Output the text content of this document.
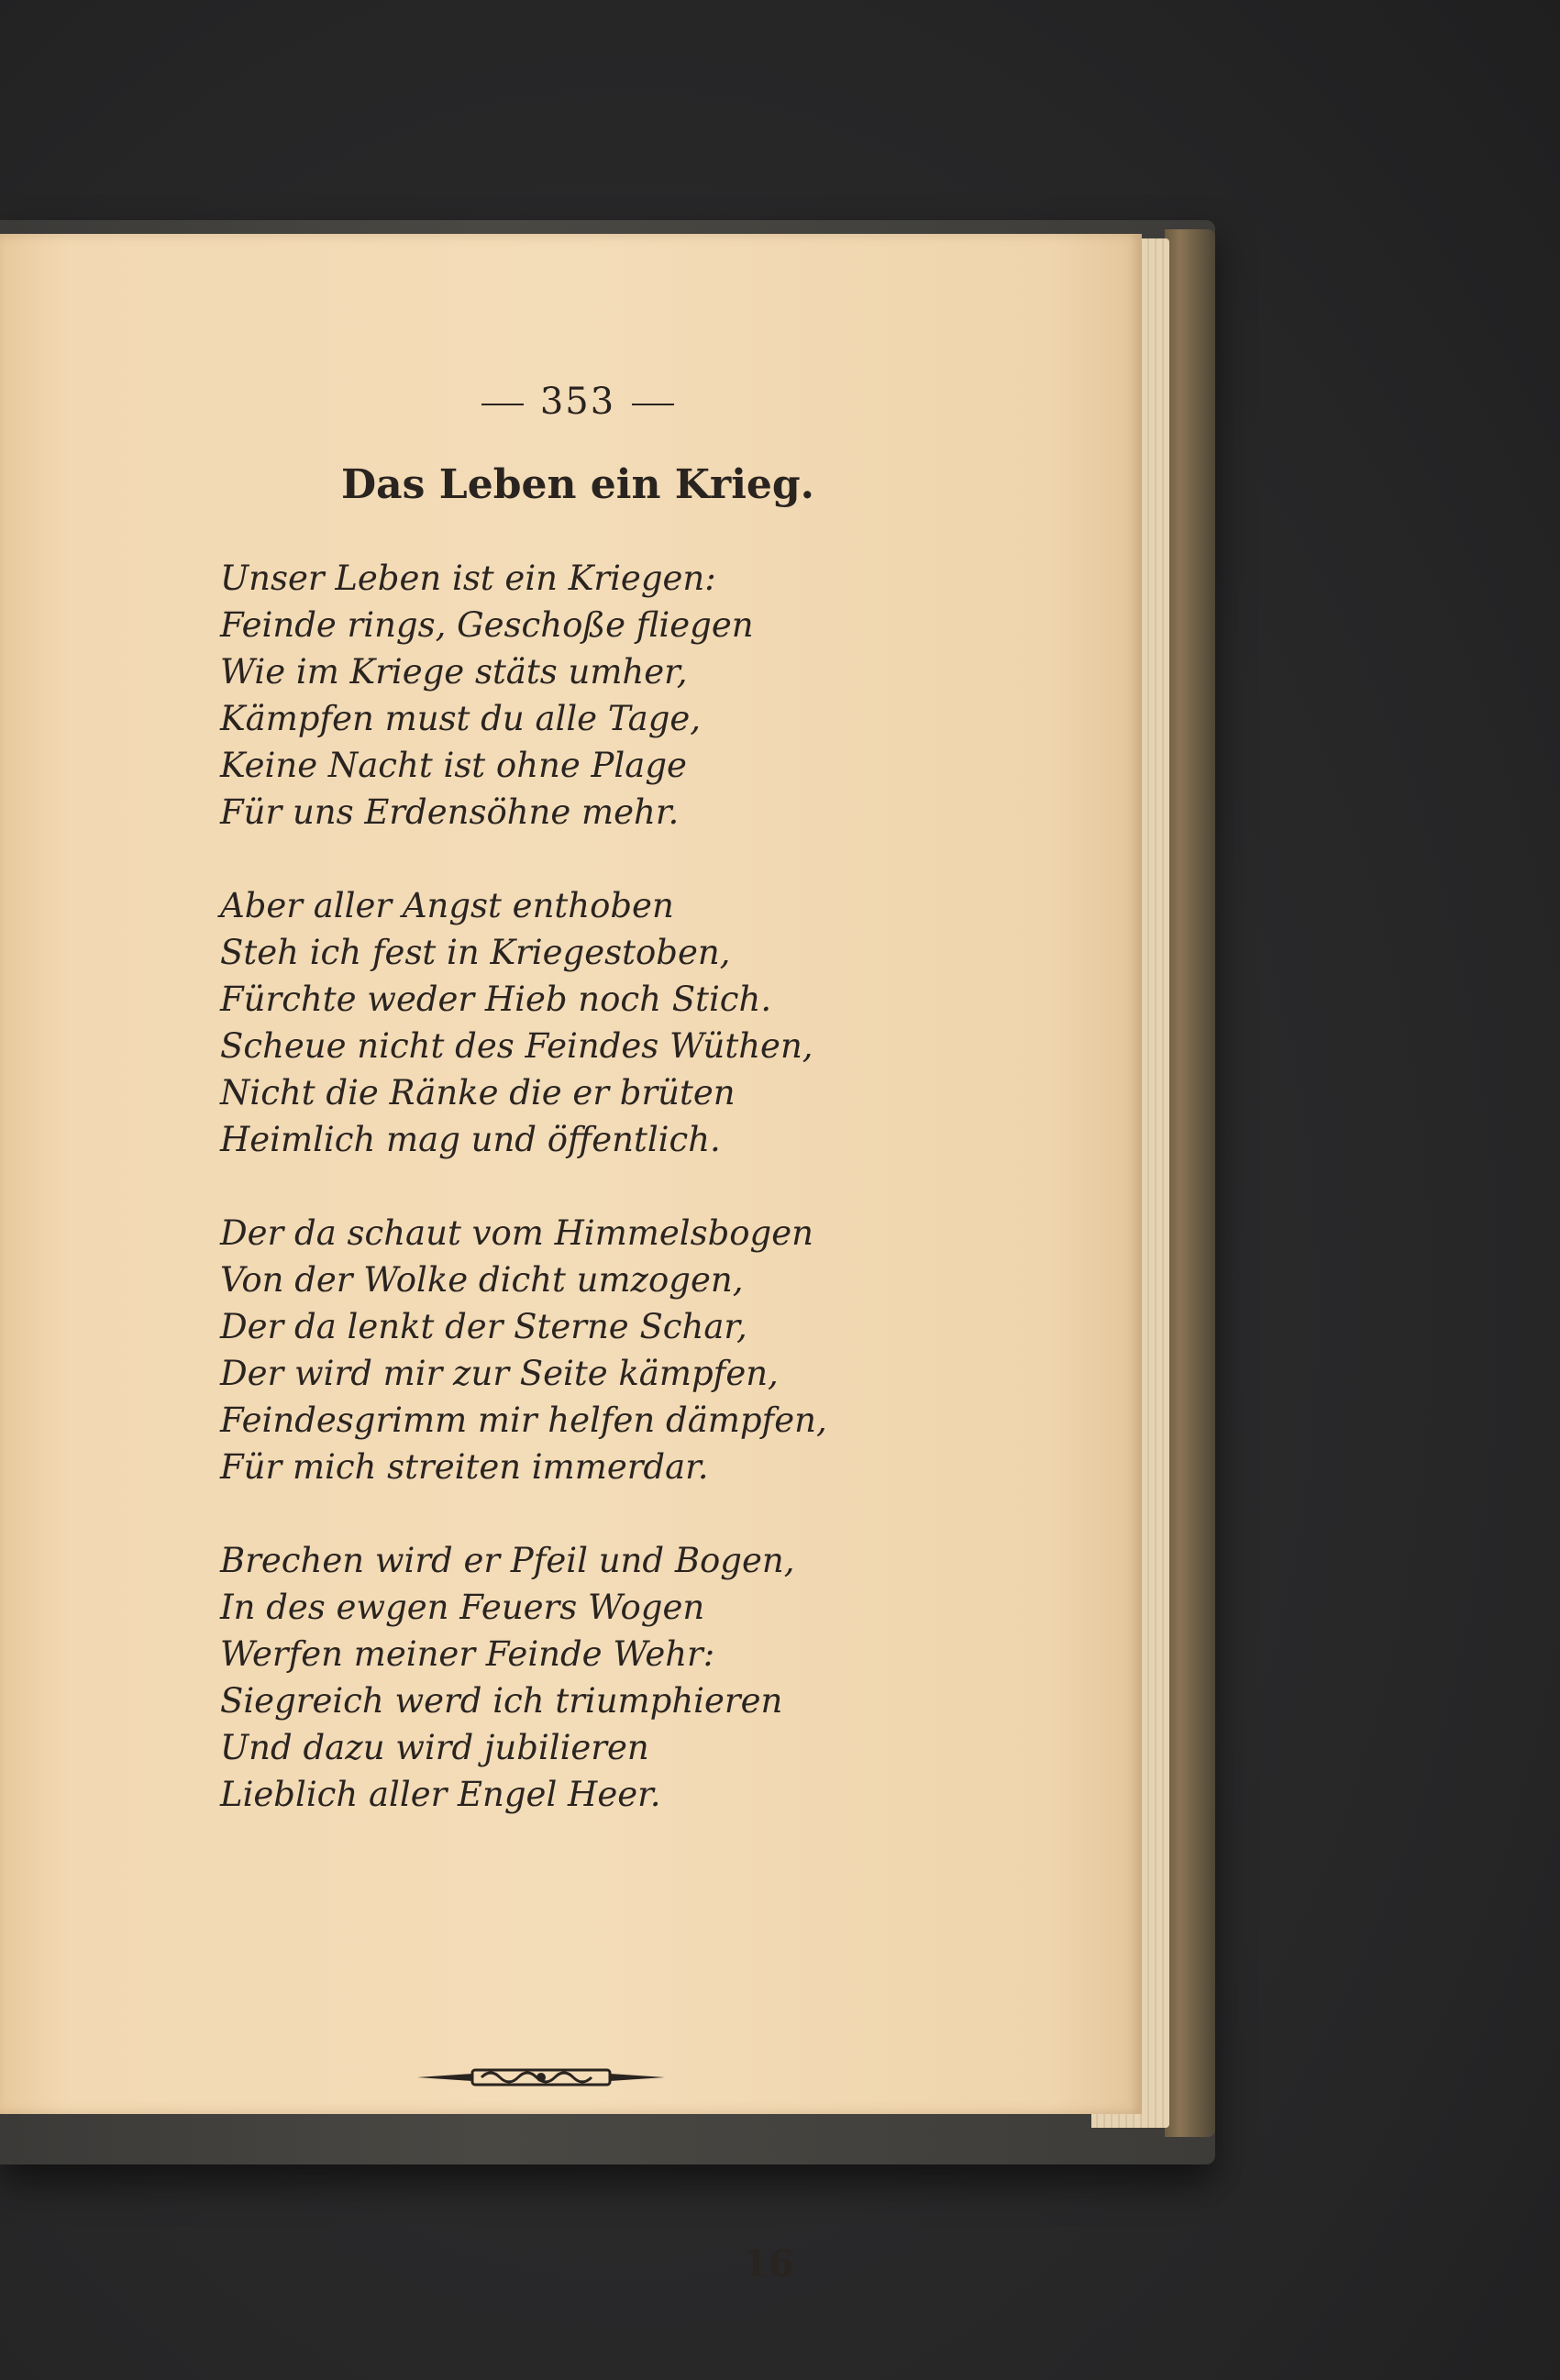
353
Das Leben ein Krieg.
Unser Leben ist ein Kriegen:
Feinde rings, Geschoße fliegen
Wie im Kriege stäts umher,
Kämpfen must du alle Tage,
Keine Nacht ist ohne Plage
Für uns Erdensöhne mehr.
Aber aller Angst enthoben
Steh ich fest in Kriegestoben,
Fürchte weder Hieb noch Stich.
Scheue nicht des Feindes Wüthen,
Nicht die Ränke die er brüten
Heimlich mag und öffentlich.
Der da schaut vom Himmelsbogen
Von der Wolke dicht umzogen,
Der da lenkt der Sterne Schar,
Der wird mir zur Seite kämpfen,
Feindesgrimm mir helfen dämpfen,
Für mich streiten immerdar.
Brechen wird er Pfeil und Bogen,
In des ewgen Feuers Wogen
Werfen meiner Feinde Wehr:
Siegreich werd ich triumphieren
Und dazu wird jubilieren
Lieblich aller Engel Heer.
16
